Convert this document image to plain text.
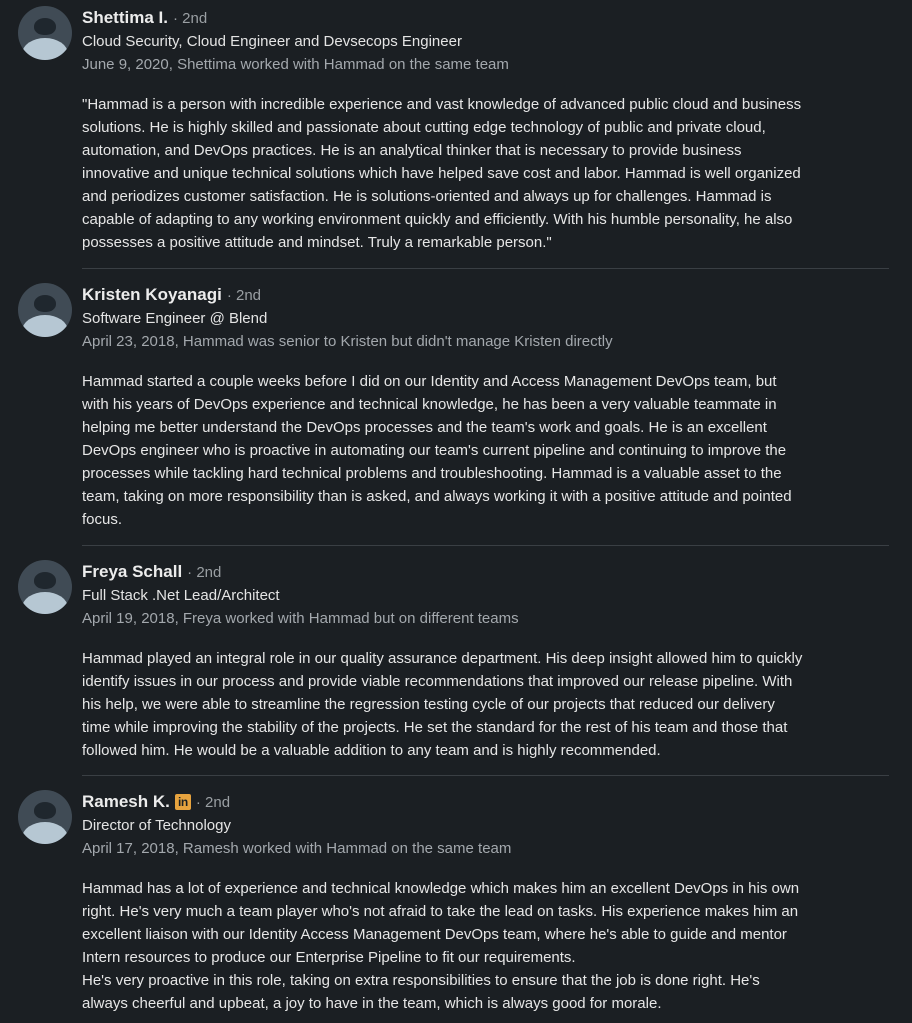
Shettima I. · 2nd
Cloud Security, Cloud Engineer and Devsecops Engineer
June 9, 2020, Shettima worked with Hammad on the same team

"Hammad is a person with incredible experience and vast knowledge of advanced public cloud and business
solutions. He is highly skilled and passionate about cutting edge technology of public and private cloud,
automation, and DevOps practices. He is an analytical thinker that is necessary to provide business
innovative and unique technical solutions which have helped save cost and labor. Hammad is well organized
and periodizes customer satisfaction. He is solutions-oriented and always up for challenges. Hammad is
capable of adapting to any working environment quickly and efficiently. With his humble personality, he also
possesses a positive attitude and mindset. Truly a remarkable person."

Kristen Koyanagi · 2nd
Software Engineer @ Blend
April 23, 2018, Hammad was senior to Kristen but didn't manage Kristen directly

Hammad started a couple weeks before I did on our Identity and Access Management DevOps team, but
with his years of DevOps experience and technical knowledge, he has been a very valuable teammate in
helping me better understand the DevOps processes and the team's work and goals. He is an excellent
DevOps engineer who is proactive in automating our team's current pipeline and continuing to improve the
processes while tackling hard technical problems and troubleshooting. Hammad is a valuable asset to the
team, taking on more responsibility than is asked, and always working it with a positive attitude and pointed
focus.

Freya Schall · 2nd
Full Stack .Net Lead/Architect
April 19, 2018, Freya worked with Hammad but on different teams

Hammad played an integral role in our quality assurance department. His deep insight allowed him to quickly
identify issues in our process and provide viable recommendations that improved our release pipeline. With
his help, we were able to streamline the regression testing cycle of our projects that reduced our delivery
time while improving the stability of the projects. He set the standard for the rest of his team and those that
followed him. He would be a valuable addition to any team and is highly recommended.

Ramesh K. in · 2nd
Director of Technology
April 17, 2018, Ramesh worked with Hammad on the same team

Hammad has a lot of experience and technical knowledge which makes him an excellent DevOps in his own
right. He's very much a team player who's not afraid to take the lead on tasks. His experience makes him an
excellent liaison with our Identity Access Management DevOps team, where he's able to guide and mentor
Intern resources to produce our Enterprise Pipeline to fit our requirements.
He's very proactive in this role, taking on extra responsibilities to ensure that the job is done right. He's
always cheerful and upbeat, a joy to have in the team, which is always good for morale.
